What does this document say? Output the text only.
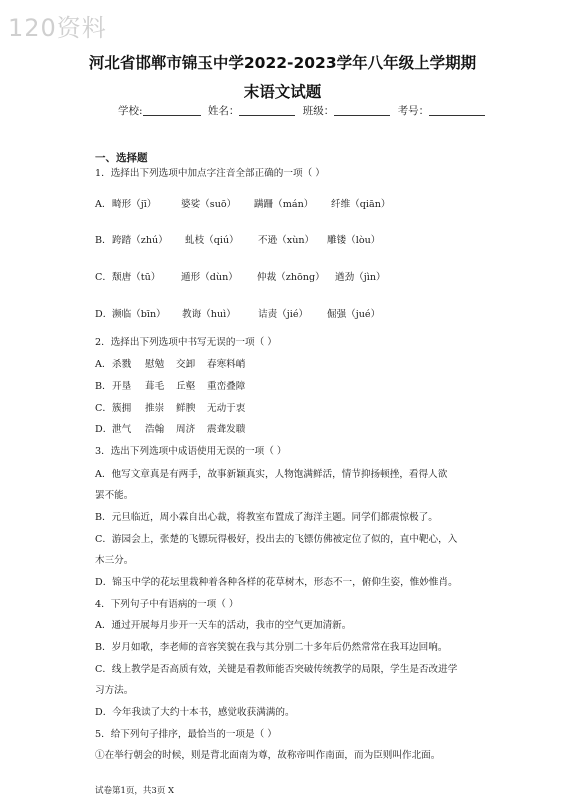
120资料
河北省邯郸市锦玉中学2022-2023学年八年级上学期期
末语文试题
学校:	姓名：	班级：	考号：
一、选择题
1．选择出下列选项中加点字注音全部正确的一项（ ）
A． 畸形（jī）	婆娑（suō） 蹒跚（mán） 纤维（qiān）
B． 跨踏（zhú） 虬枝（qiú） 不逊（xùn） 雕镂（lòu）
C． 颓唐（tū） 遁形（dùn） 仲裁（zhōng） 遒劲（jìn）
D． 濒临（bīn） 教诲（huì） 诘责（jié） 倔强（jué）
2．选择出下列选项中书写无误的一项（ ）
A． 杀戮 慰勉 交卸 春寒料峭
B． 开垦 葺毛 丘壑 重峦叠障
C． 簇拥 推崇 鲜腴 无动于衷
D． 泄气 浩翰 周济 震聋发聩
3．选出下列选项中成语使用无误的一项（ ）
A．他写文章真是有两手，故事新颖真实，人物饱满鲜活，情节抑扬顿挫，看得人欲
罢不能。
B．元旦临近，周小霖自出心裁，将教室布置成了海洋主题。同学们都震惊极了。
C．游园会上，张楚的飞镖玩得极好，投出去的飞镖仿佛被定位了似的，直中靶心，入
木三分。
D．锦玉中学的花坛里栽种着各种各样的花草树木，形态不一，俯仰生姿，惟妙惟肖。
4．下列句子中有语病的一项（ ）
A．通过开展每月步开一天车的活动，我市的空气更加清新。
B．岁月如歌，李老师的音容笑貌在我与其分别二十多年后仍然常常在我耳边回响。
C．线上教学是否高质有效，关键是看教师能否突破传统教学的局限，学生是否改进学
习方法。
D．今年我读了大约十本书，感觉收获满满的。
5．给下列句子排序，最恰当的一项是（ ）
①在举行朝会的时候，则是背北面南为尊，故称帝叫作南面，而为臣则叫作北面。
试卷第1页，共3页 X
